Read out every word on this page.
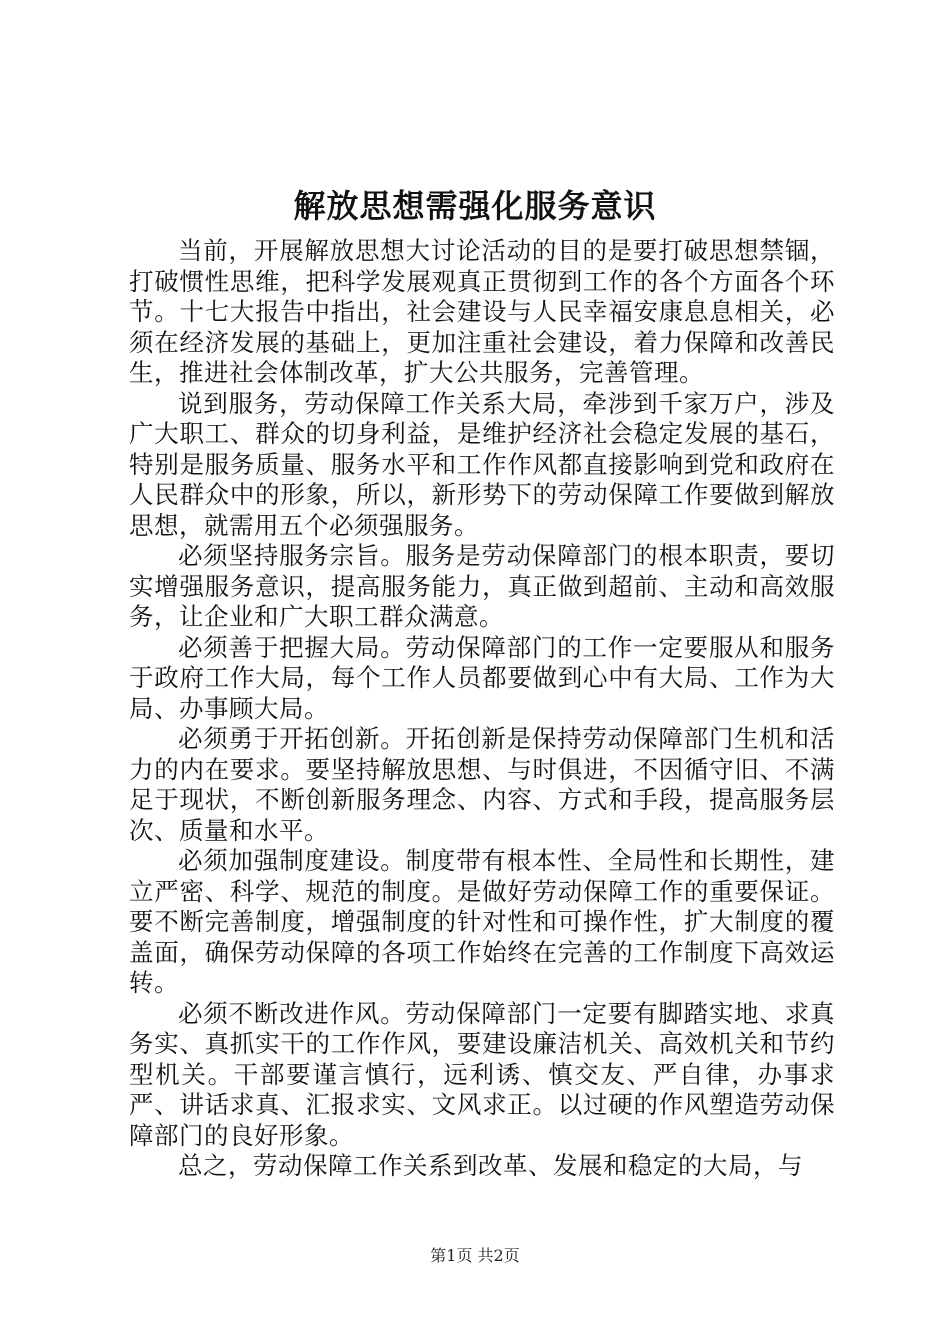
解放思想需强化服务意识

当前，开展解放思想大讨论活动的目的是要打破思想禁锢，打破惯性思维，把科学发展观真正贯彻到工作的各个方面各个环节。十七大报告中指出，社会建设与人民幸福安康息息相关，必须在经济发展的基础上，更加注重社会建设，着力保障和改善民生，推进社会体制改革，扩大公共服务，完善管理。

说到服务，劳动保障工作关系大局，牵涉到千家万户，涉及广大职工、群众的切身利益，是维护经济社会稳定发展的基石，特别是服务质量、服务水平和工作作风都直接影响到党和政府在人民群众中的形象，所以，新形势下的劳动保障工作要做到解放思想，就需用五个必须强服务。

必须坚持服务宗旨。服务是劳动保障部门的根本职责，要切实增强服务意识，提高服务能力，真正做到超前、主动和高效服务，让企业和广大职工群众满意。

必须善于把握大局。劳动保障部门的工作一定要服从和服务于政府工作大局，每个工作人员都要做到心中有大局、工作为大局、办事顾大局。

必须勇于开拓创新。开拓创新是保持劳动保障部门生机和活力的内在要求。要坚持解放思想、与时俱进，不因循守旧、不满足于现状，不断创新服务理念、内容、方式和手段，提高服务层次、质量和水平。

必须加强制度建设。制度带有根本性、全局性和长期性，建立严密、科学、规范的制度。是做好劳动保障工作的重要保证。要不断完善制度，增强制度的针对性和可操作性，扩大制度的覆盖面，确保劳动保障的各项工作始终在完善的工作制度下高效运转。

必须不断改进作风。劳动保障部门一定要有脚踏实地、求真务实、真抓实干的工作作风，要建设廉洁机关、高效机关和节约型机关。干部要谨言慎行，远利诱、慎交友、严自律，办事求严、讲话求真、汇报求实、文风求正。以过硬的作风塑造劳动保障部门的良好形象。

总之，劳动保障工作关系到改革、发展和稳定的大局，与

第1页 共2页
